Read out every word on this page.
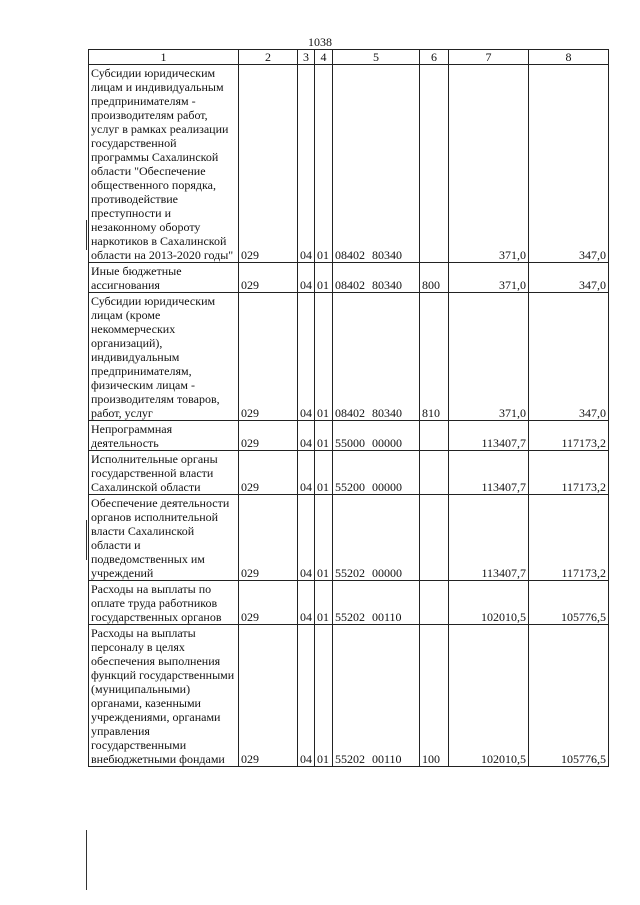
1038
1	2	3	4	5	6	7	8
Субсидии юридическим лицам и индивидуальным предпринимателям - производителям работ, услуг в рамках реализации государственной программы Сахалинской области "Обеспечение общественного порядка, противодействие преступности и незаконному обороту наркотиков в Сахалинской области на 2013-2020 годы"	029	04	01	08402 80340		371,0	347,0
Иные бюджетные ассигнования	029	04	01	08402 80340	800	371,0	347,0
Субсидии юридическим лицам (кроме некоммерческих организаций), индивидуальным предпринимателям, физическим лицам - производителям товаров, работ, услуг	029	04	01	08402 80340	810	371,0	347,0
Непрограммная деятельность	029	04	01	55000 00000		113407,7	117173,2
Исполнительные органы государственной власти Сахалинской области	029	04	01	55200 00000		113407,7	117173,2
Обеспечение деятельности органов исполнительной власти Сахалинской области и подведомственных им учреждений	029	04	01	55202 00000		113407,7	117173,2
Расходы на выплаты по оплате труда работников государственных органов	029	04	01	55202 00110		102010,5	105776,5
Расходы на выплаты персоналу в целях обеспечения выполнения функций государственными (муниципальными) органами, казенными учреждениями, органами управления государственными внебюджетными фондами	029	04	01	55202 00110	100	102010,5	105776,5
